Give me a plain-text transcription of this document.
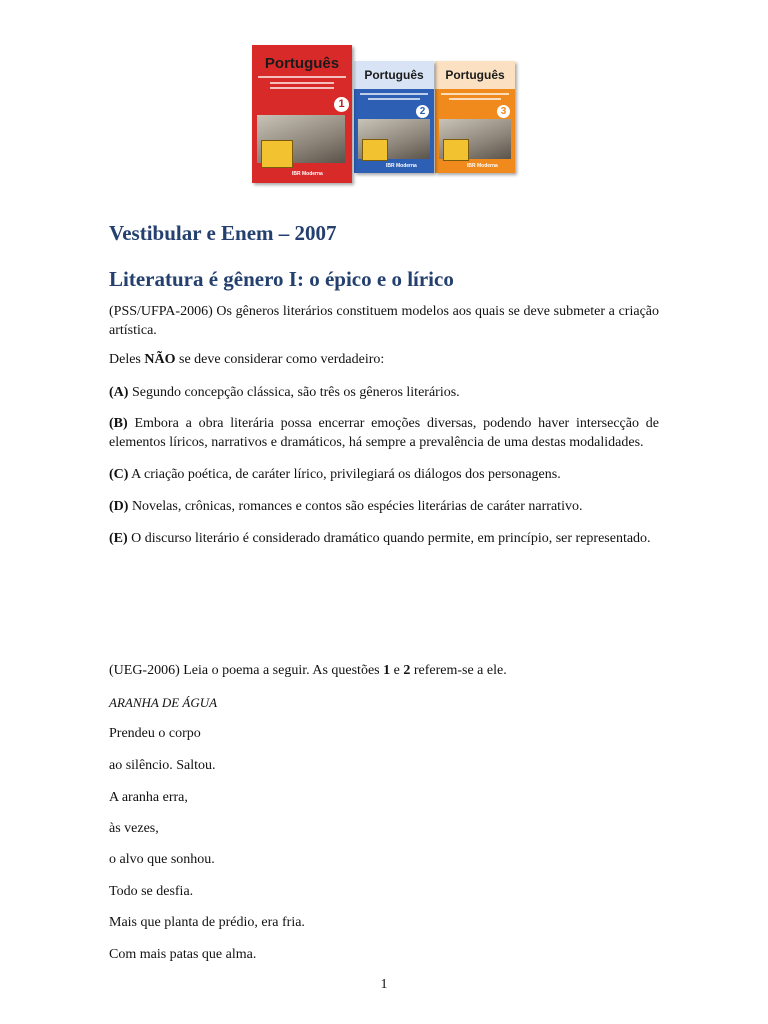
Português
1
IBR Moderna
Português
2
IBR Moderna
Português
3
IBR Moderna
Vestibular e Enem – 2007
Literatura é gênero I: o épico e o lírico

(PSS/UFPA-2006) Os gêneros literários constituem modelos aos quais se deve submeter a criação artística.

Deles NÃO se deve considerar como verdadeiro:

(A) Segundo concepção clássica, são três os gêneros literários.

(B) Embora a obra literária possa encerrar emoções diversas, podendo haver intersecção de elementos líricos, narrativos e dramáticos, há sempre a prevalência de uma destas modalidades.

(C) A criação poética, de caráter lírico, privilegiará os diálogos dos personagens.

(D) Novelas, crônicas, romances e contos são espécies literárias de caráter narrativo.

(E) O discurso literário é considerado dramático quando permite, em princípio, ser representado.

(UEG-2006) Leia o poema a seguir. As questões 1 e 2 referem-se a ele.

ARANHA DE ÁGUA

Prendeu o corpo

ao silêncio. Saltou.

A aranha erra,

às vezes,

o alvo que sonhou.

Todo se desfia.

Mais que planta de prédio, era fria.

Com mais patas que alma.

1
